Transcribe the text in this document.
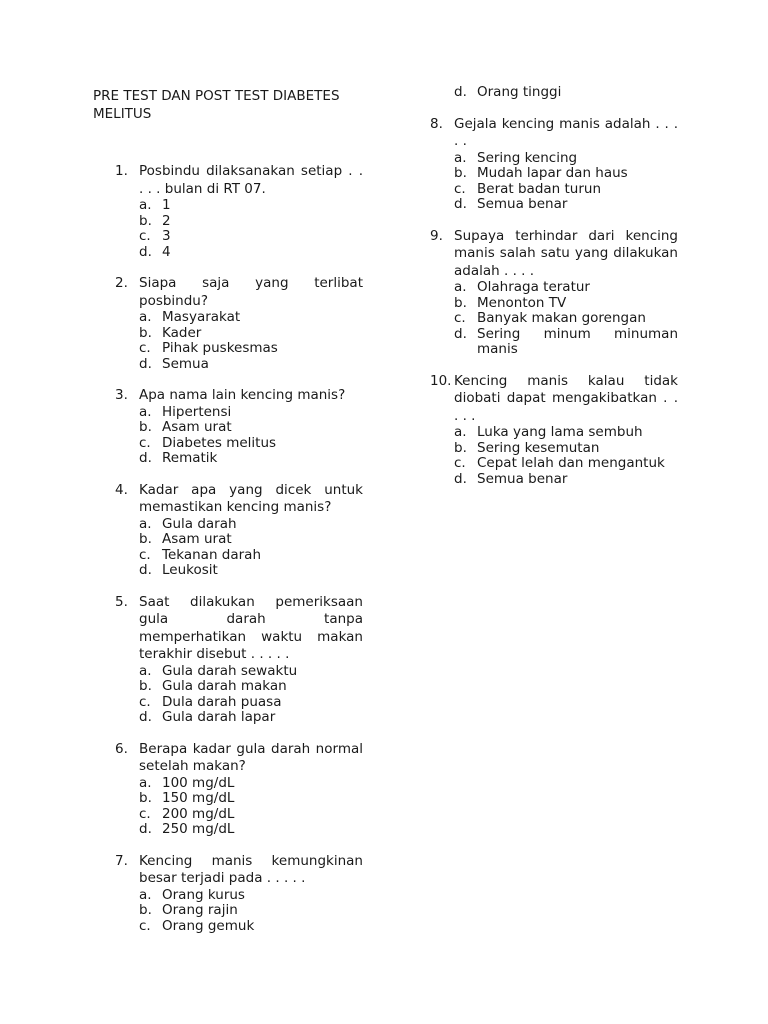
PRE TEST DAN POST TEST DIABETES MELITUS
1. Posbindu dilaksanakan setiap . . . . . bulan di RT 07.
a. 1
b. 2
c. 3
d. 4
2. Siapa saja yang terlibat posbindu?
a. Masyarakat
b. Kader
c. Pihak puskesmas
d. Semua
3. Apa nama lain kencing manis?
a. Hipertensi
b. Asam urat
c. Diabetes melitus
d. Rematik
4. Kadar apa yang dicek untuk memastikan kencing manis?
a. Gula darah
b. Asam urat
c. Tekanan darah
d. Leukosit
5. Saat dilakukan pemeriksaan gula darah tanpa memperhatikan waktu makan terakhir disebut . . . . .
a. Gula darah sewaktu
b. Gula darah makan
c. Dula darah puasa
d. Gula darah lapar
6. Berapa kadar gula darah normal setelah makan?
a. 100 mg/dL
b. 150 mg/dL
c. 200 mg/dL
d. 250 mg/dL
7. Kencing manis kemungkinan besar terjadi pada . . . . .
a. Orang kurus
b. Orang rajin
c. Orang gemuk
d. Orang tinggi
8. Gejala kencing manis adalah . . . . .
a. Sering kencing
b. Mudah lapar dan haus
c. Berat badan turun
d. Semua benar
9. Supaya terhindar dari kencing manis salah satu yang dilakukan adalah . . . .
a. Olahraga teratur
b. Menonton TV
c. Banyak makan gorengan
d. Sering minum minuman manis
10. Kencing manis kalau tidak diobati dapat mengakibatkan . . . . .
a. Luka yang lama sembuh
b. Sering kesemutan
c. Cepat lelah dan mengantuk
d. Semua benar
